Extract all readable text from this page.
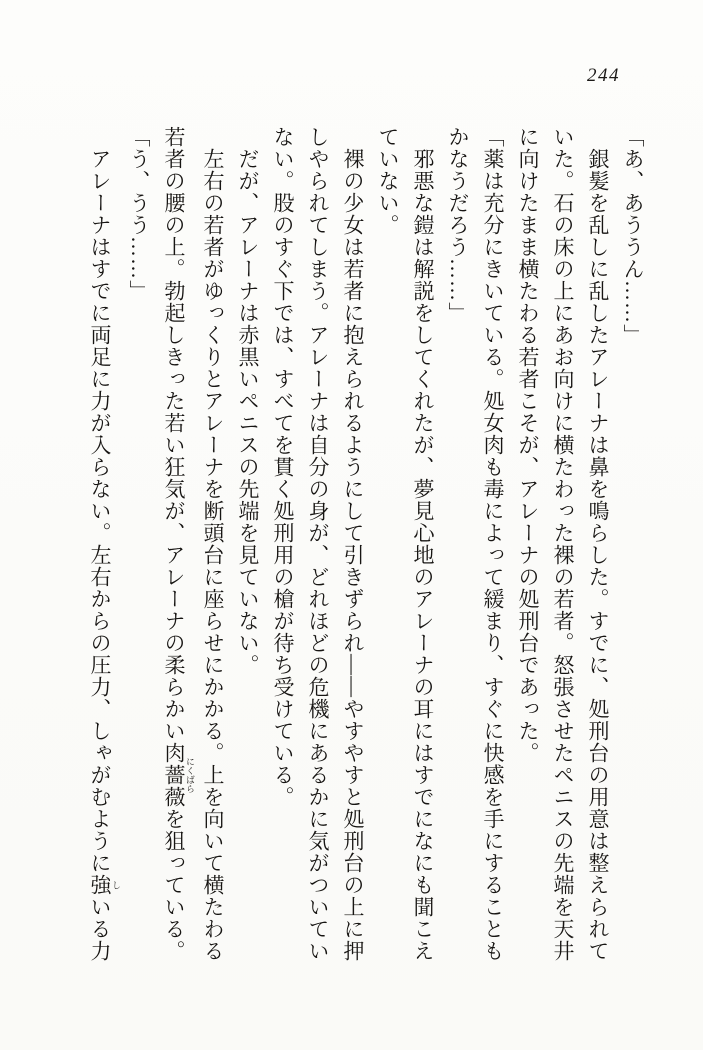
244
「あ、あううん……」
銀髪を乱しに乱したアレーナは鼻を鳴らした。すでに、処刑台の用意は整えられて
いた。石の床の上にあお向けに横たわった裸の若者。怒張させたペニスの先端を天井
に向けたまま横たわる若者こそが、アレーナの処刑台であった。
「薬は充分にきいている。処女肉も毒によって緩まり、すぐに快感を手にすることも
かなうだろう……」
邪悪な鎧は解説をしてくれたが、夢見心地のアレーナの耳にはすでになにも聞こえ
ていない。
裸の少女は若者に抱えられるようにして引きずられ――やすやすと処刑台の上に押
しやられてしまう。アレーナは自分の身が、どれほどの危機にあるかに気がついてい
ない。股のすぐ下では、すべてを貫く処刑用の槍が待ち受けている。
だが、アレーナは赤黒いペニスの先端を見ていない。
左右の若者がゆっくりとアレーナを断頭台に座らせにかかる。上を向いて横たわる
若者の腰の上。勃起しきった若い狂気が、アレーナの柔らかい肉薔薇 にくばらを狙っている。
「う、うう……」
アレーナはすでに両足に力が入らない。左右からの圧力、しゃがむように強 しいる力
